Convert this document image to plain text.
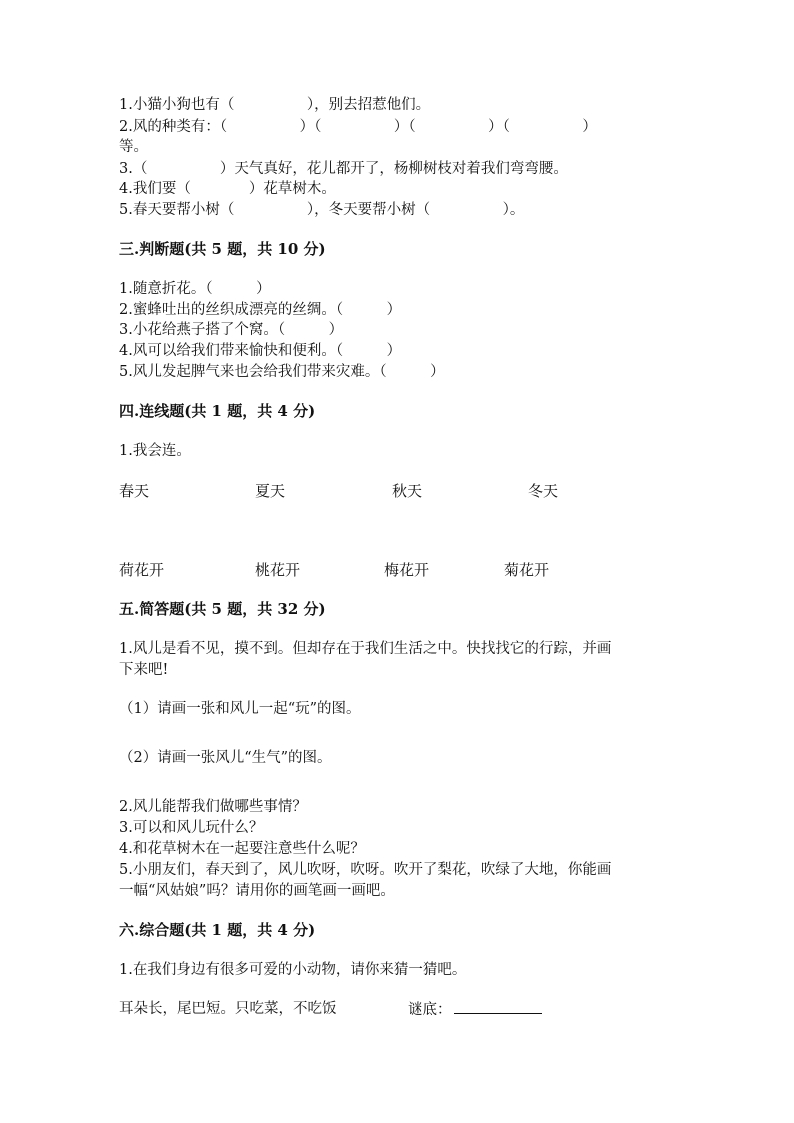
1.小猫小狗也有（　　　　　），别去招惹他们。
2.风的种类有：（　　　　　）（　　　　　）（　　　　　）（　　　　　）
等。
3.（　　　　　）天气真好，花儿都开了，杨柳树枝对着我们弯弯腰。
4.我们要（　　　　）花草树木。
5.春天要帮小树（　　　　　），冬天要帮小树（　　　　　）。
三.判断题(共 5 题，共 10 分)
1.随意折花。（　　　）
2.蜜蜂吐出的丝织成漂亮的丝绸。（　　　）
3.小花给燕子搭了个窝。（　　　）
4.风可以给我们带来愉快和便利。（　　　）
5.风儿发起脾气来也会给我们带来灾难。（　　　）
四.连线题(共 1 题，共 4 分)
1.我会连。
春天	夏天	秋天	冬天
荷花开	桃花开	梅花开	菊花开
五.简答题(共 5 题，共 32 分)
1.风儿是看不见，摸不到。但却存在于我们生活之中。快找找它的行踪，并画
下来吧!
（1）请画一张和风儿一起“玩”的图。
（2）请画一张风儿“生气”的图。
2.风儿能帮我们做哪些事情？
3.可以和风儿玩什么？
4.和花草树木在一起要注意些什么呢？
5.小朋友们，春天到了，风儿吹呀，吹呀。吹开了梨花，吹绿了大地，你能画
一幅“风姑娘”吗？请用你的画笔画一画吧。
六.综合题(共 1 题，共 4 分)
1.在我们身边有很多可爱的小动物，请你来猜一猜吧。
耳朵长，尾巴短。只吃菜，不吃饭	谜底：
